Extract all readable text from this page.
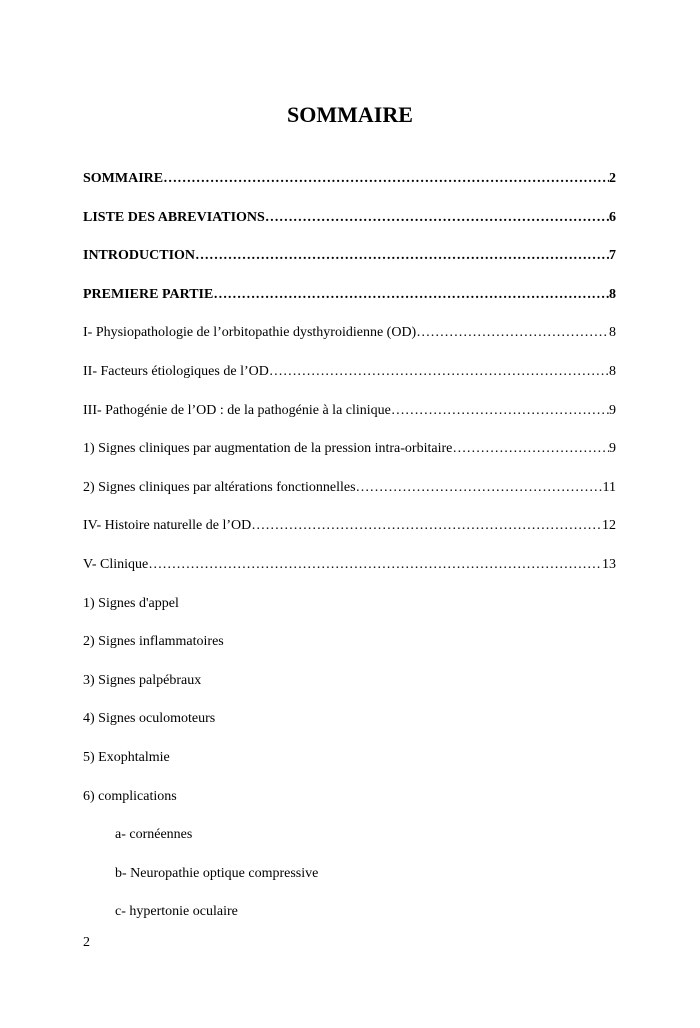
SOMMAIRE
SOMMAIRE ……………………………………………………………………………………………………………………………………………………	2
LISTE DES ABREVIATIONS ……………………………………………………………………………………………………………………………………………………	6
INTRODUCTION ……………………………………………………………………………………………………………………………………………………	7
PREMIERE PARTIE ……………………………………………………………………………………………………………………………………………………	8
I- Physiopathologie de l’orbitopathie dysthyroidienne (OD) ……………………………………………………………………………………………………………………………………………………	8
II- Facteurs étiologiques de l’OD ……………………………………………………………………………………………………………………………………………………	8
III- Pathogénie de l’OD : de la pathogénie à la clinique ……………………………………………………………………………………………………………………………………………………	9
1) Signes cliniques par augmentation de la pression intra-orbitaire ……………………………………………………………………………………………………………………………………………………	9
2) Signes cliniques par altérations fonctionnelles ……………………………………………………………………………………………………………………………………………………	11
IV- Histoire naturelle de l’OD ……………………………………………………………………………………………………………………………………………………	12
V- Clinique ……………………………………………………………………………………………………………………………………………………	13
1) Signes d'appel
2) Signes inflammatoires
3) Signes palpébraux
4) Signes oculomoteurs
5) Exophtalmie
6) complications
a- cornéennes
b- Neuropathie optique compressive
c- hypertonie oculaire
2
